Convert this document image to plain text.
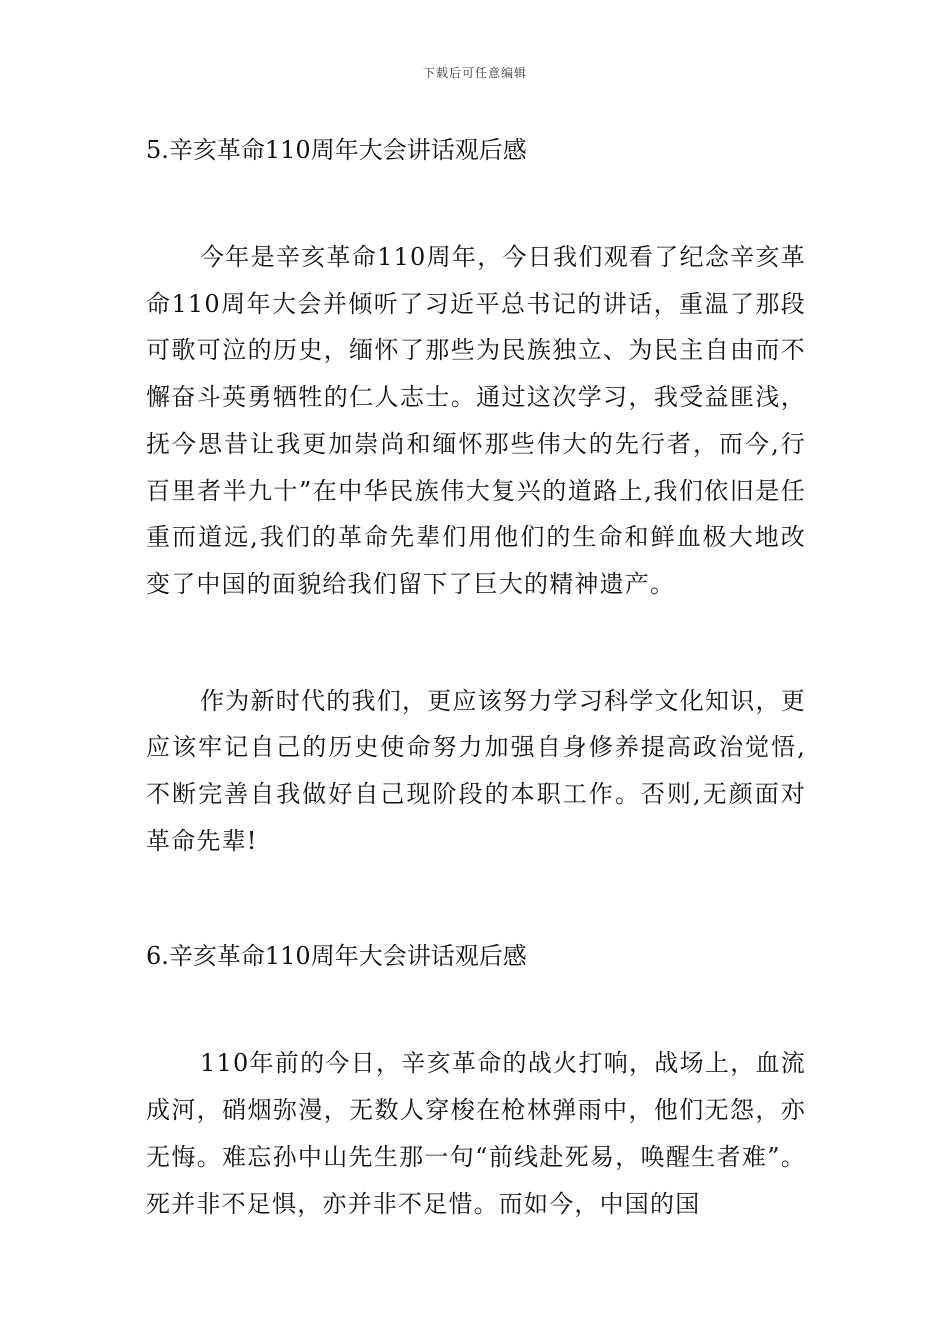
下载后可任意编辑

5.辛亥革命110周年大会讲话观后感

今年是辛亥革命110周年，今日我们观看了纪念辛亥革命110周年大会并倾听了习近平总书记的讲话，重温了那段可歌可泣的历史，缅怀了那些为民族独立、为民主自由而不懈奋斗英勇牺牲的仁人志士。通过这次学习，我受益匪浅，抚今思昔让我更加崇尚和缅怀那些伟大的先行者，而今,行百里者半九十”在中华民族伟大复兴的道路上,我们依旧是任重而道远,我们的革命先辈们用他们的生命和鲜血极大地改变了中国的面貌给我们留下了巨大的精神遗产。

作为新时代的我们，更应该努力学习科学文化知识，更应该牢记自己的历史使命努力加强自身修养提高政治觉悟,不断完善自我做好自己现阶段的本职工作。否则,无颜面对革命先辈!

6.辛亥革命110周年大会讲话观后感

110年前的今日，辛亥革命的战火打响，战场上，血流成河，硝烟弥漫，无数人穿梭在枪林弹雨中，他们无怨，亦无悔。难忘孙中山先生那一句“前线赴死易，唤醒生者难”。死并非不足惧，亦并非不足惜。而如今，中国的国
